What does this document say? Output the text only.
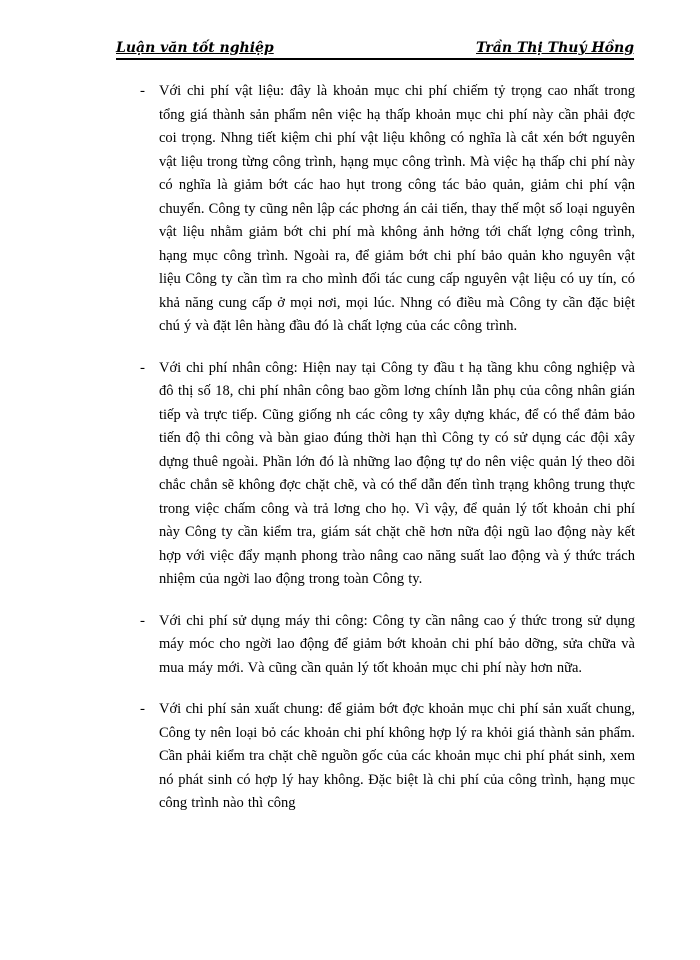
Luận văn tốt nghiệp	Trần Thị Thuý Hồng
- Với chi phí vật liệu: đây là khoản mục chi phí chiếm tỷ trọng cao nhất trong tổng giá thành sản phẩm nên việc hạ thấp khoản mục chi phí này cần phải đợc coi trọng. Nhng tiết kiệm chi phí vật liệu không có nghĩa là cắt xén bớt nguyên vật liệu trong từng công trình, hạng mục công trình. Mà việc hạ thấp chi phí này có nghĩa là giảm bớt các hao hụt trong công tác bảo quản, giảm chi phí vận chuyển. Công ty cũng nên lập các phơng án cải tiến, thay thế một số loại nguyên vật liệu nhằm giảm bớt chi phí mà không ảnh hởng tới chất lợng công trình, hạng mục công trình. Ngoài ra, để giảm bớt chi phí bảo quản kho nguyên vật liệu Công ty cần tìm ra cho mình đối tác cung cấp nguyên vật liệu có uy tín, có khả năng cung cấp ở mọi nơi, mọi lúc. Nhng có điều mà Công ty cần đặc biệt chú ý và đặt lên hàng đầu đó là chất lợng của các công trình.
- Với chi phí nhân công: Hiện nay tại Công ty đầu t hạ tầng khu công nghiệp và đô thị số 18, chi phí nhân công bao gồm lơng chính lẫn phụ của công nhân gián tiếp và trực tiếp. Cũng giống nh các công ty xây dựng khác, để có thể đảm bảo tiến độ thi công và bàn giao đúng thời hạn thì Công ty có sử dụng các đội xây dựng thuê ngoài. Phần lớn đó là những lao động tự do nên việc quản lý theo dõi chắc chắn sẽ không đợc chặt chẽ, và có thể dẫn đến tình trạng không trung thực trong việc chấm công và trả lơng cho họ. Vì vậy, để quản lý tốt khoản chi phí này Công ty cần kiểm tra, giám sát chặt chẽ hơn nữa đội ngũ lao động này kết hợp với việc đẩy mạnh phong trào nâng cao năng suất lao động và ý thức trách nhiệm của ngời lao động trong toàn Công ty.
- Với chi phí sử dụng máy thi công: Công ty cần nâng cao ý thức trong sử dụng máy móc cho ngời lao động để giảm bớt khoản chi phí bảo dỡng, sửa chữa và mua máy mới. Và cũng cần quản lý tốt khoản mục chi phí này hơn nữa.
- Với chi phí sản xuất chung: để giảm bớt đợc khoản mục chi phí sản xuất chung, Công ty nên loại bỏ các khoản chi phí không hợp lý ra khỏi giá thành sản phẩm. Cần phải kiểm tra chặt chẽ nguồn gốc của các khoản mục chi phí phát sinh, xem nó phát sinh có hợp lý hay không. Đặc biệt là chi phí của công trình, hạng mục công trình nào thì công
